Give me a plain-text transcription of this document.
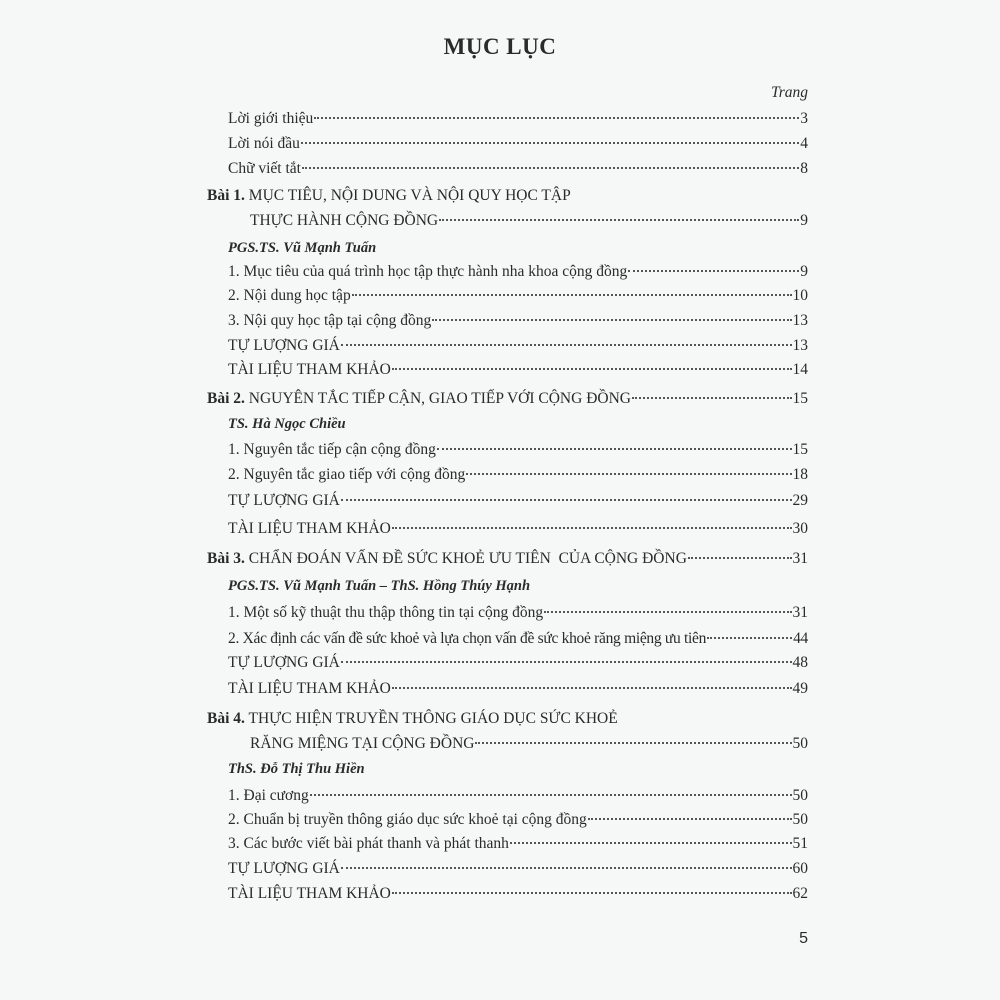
MỤC LỤC
Trang
Lời giới thiệu	3
Lời nói đầu	4
Chữ viết tắt	8
Bài 1. MỤC TIÊU, NỘI DUNG VÀ NỘI QUY HỌC TẬP
THỰC HÀNH CỘNG ĐỒNG	9
PGS.TS. Vũ Mạnh Tuấn
1. Mục tiêu của quá trình học tập thực hành nha khoa cộng đồng	9
2. Nội dung học tập	10
3. Nội quy học tập tại cộng đồng	13
TỰ LƯỢNG GIÁ	13
TÀI LIỆU THAM KHẢO	14
Bài 2. NGUYÊN TẮC TIẾP CẬN, GIAO TIẾP VỚI CỘNG ĐỒNG	15
TS. Hà Ngọc Chiều
1. Nguyên tắc tiếp cận cộng đồng	15
2. Nguyên tắc giao tiếp với cộng đồng	18
TỰ LƯỢNG GIÁ	29
TÀI LIỆU THAM KHẢO	30
Bài 3. CHẨN ĐOÁN VẤN ĐỀ SỨC KHOẺ ƯU TIÊN  CỦA CỘNG ĐỒNG	31
PGS.TS. Vũ Mạnh Tuấn – ThS. Hồng Thúy Hạnh
1. Một số kỹ thuật thu thập thông tin tại cộng đồng	31
2. Xác định các vấn đề sức khoẻ và lựa chọn vấn đề sức khoẻ răng miệng ưu tiên	44
TỰ LƯỢNG GIÁ	48
TÀI LIỆU THAM KHẢO	49
Bài 4. THỰC HIỆN TRUYỀN THÔNG GIÁO DỤC SỨC KHOẺ
RĂNG MIỆNG TẠI CỘNG ĐỒNG	50
ThS. Đỗ Thị Thu Hiền
1. Đại cương	50
2. Chuẩn bị truyền thông giáo dục sức khoẻ tại cộng đồng	50
3. Các bước viết bài phát thanh và phát thanh	51
TỰ LƯỢNG GIÁ	60
TÀI LIỆU THAM KHẢO	62
5
